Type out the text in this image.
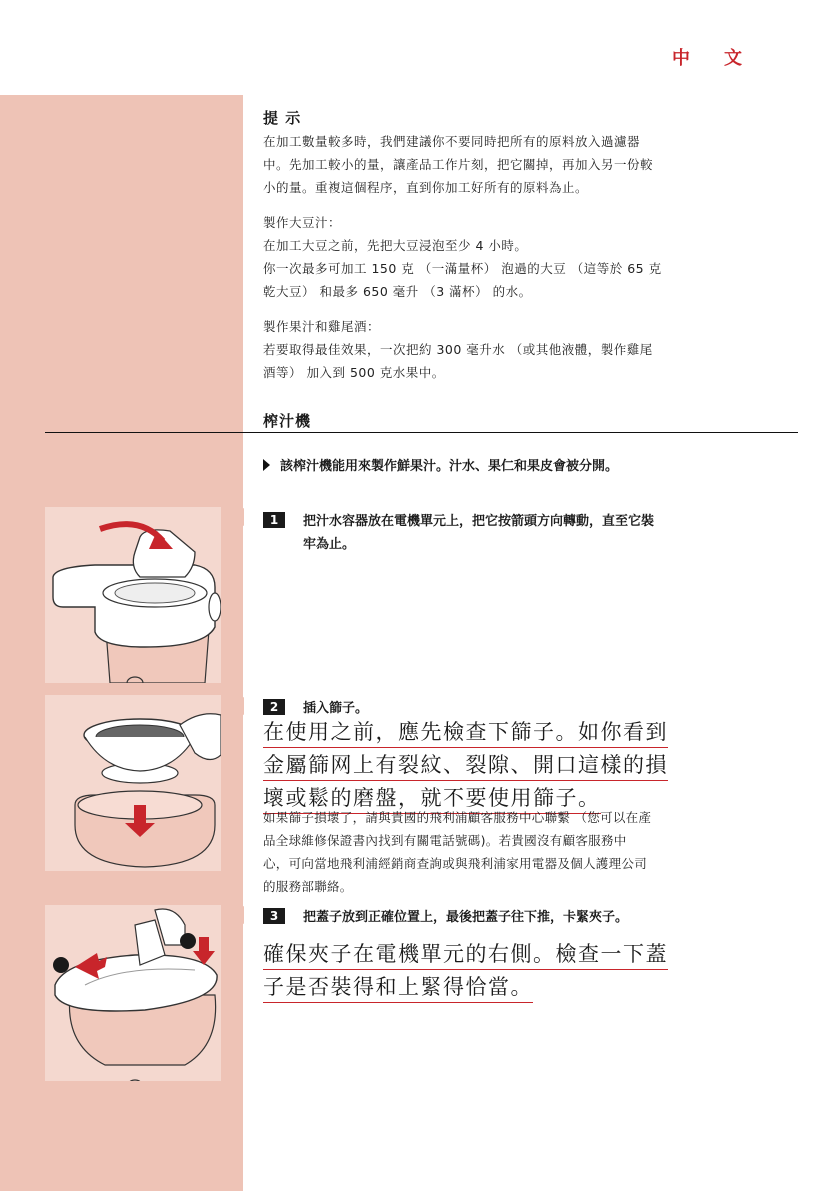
中文
提 示
在加工數量較多時，我們建議你不要同時把所有的原料放入過濾器
中。先加工較小的量，讓產品工作片刻，把它關掉，再加入另一份較
小的量。重複這個程序，直到你加工好所有的原料為止。
製作大豆汁：
在加工大豆之前，先把大豆浸泡至少 4 小時。
你一次最多可加工 150 克 （一滿量杯） 泡過的大豆 （這等於 65 克
乾大豆） 和最多 650 毫升 （3 滿杯） 的水。
製作果汁和雞尾酒：
若要取得最佳效果，一次把約 300 毫升水 （或其他液體，製作雞尾
酒等） 加入到 500 克水果中。
榨汁機
該榨汁機能用來製作鮮果汁。汁水、果仁和果皮會被分開。
1	把汁水容器放在電機單元上，把它按箭頭方向轉動，直至它裝
牢為止。
2	插入篩子。
在使用之前，應先檢查下篩子。如你看到
金屬篩网上有裂紋、裂隙、開口這樣的損
壞或鬆的磨盤，就不要使用篩子。
如果篩子損壞了，請與貴國的飛利浦顧客服務中心聯繫 （您可以在產
品全球維修保證書內找到有關電話號碼)。若貴國沒有顧客服務中
心，可向當地飛利浦經銷商查詢或與飛利浦家用電器及個人護理公司
的服務部聯絡。
3	把蓋子放到正確位置上，最後把蓋子往下推，卡緊夾子。
確保夾子在電機單元的右側。檢查一下蓋
子是否裝得和上緊得恰當。
